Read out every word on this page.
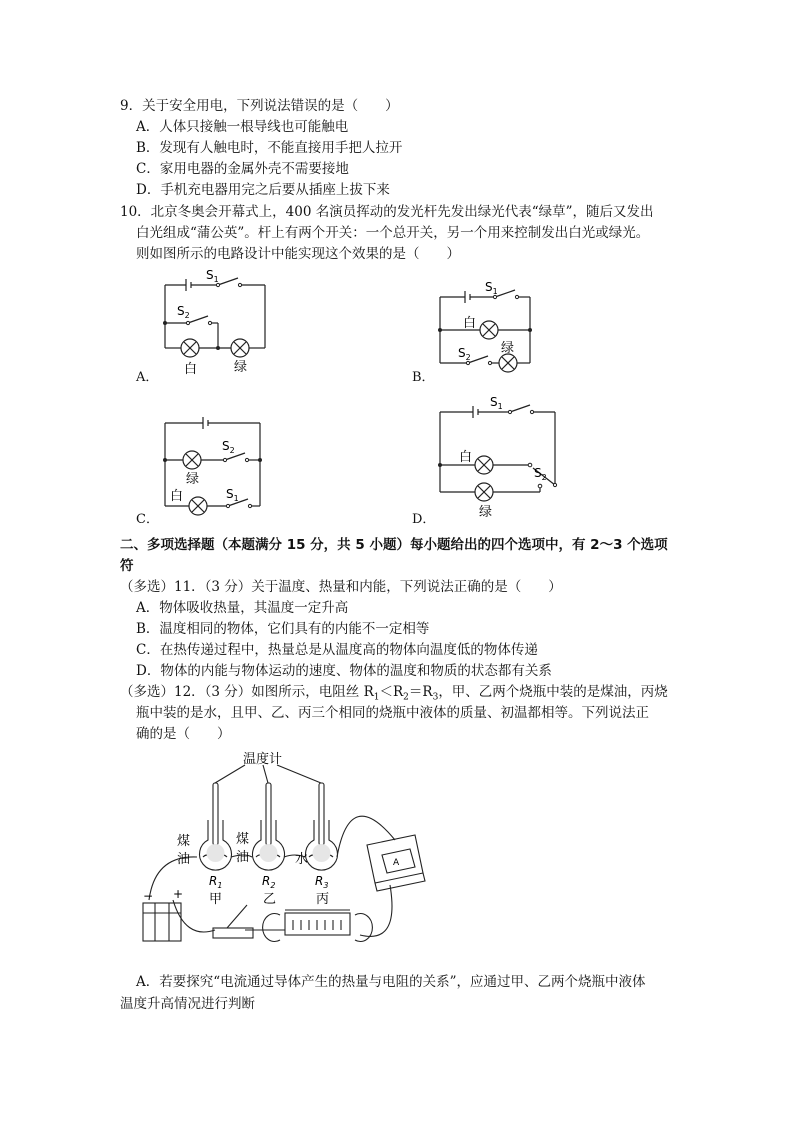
9．关于安全用电，下列说法错误的是（　　）
A．人体只接触一根导线也可能触电
B．发现有人触电时，不能直接用手把人拉开
C．家用电器的金属外壳不需要接地
D．手机充电器用完之后要从插座上拔下来
10．北京冬奥会开幕式上，400 名演员挥动的发光杆先发出绿光代表“绿草”，随后又发出
白光组成“蒲公英”。杆上有两个开关：一个总开关，另一个用来控制发出白光或绿光。
则如图所示的电路设计中能实现这个效果的是（　　）
$S_1$
$S_2$
白	绿
A．
$S_1$
白
绿
$S_2$
B．
$S_2$
绿
白	$S_1$
C．
$S_1$
白
$S_2$
绿
D．
二、多项选择题（本题满分 15 分，共 5 小题）每小题给出的四个选项中，有 2～3 个选项
符
（多选）11．（3 分）关于温度、热量和内能，下列说法正确的是（　　）
A．物体吸收热量，其温度一定升高
B．温度相同的物体，它们具有的内能不一定相等
C．在热传递过程中，热量总是从温度高的物体向温度低的物体传递
D．物体的内能与物体运动的速度、物体的温度和物质的状态都有关系
（多选）12．（3 分）如图所示，电阻丝 $R_1<R_2=R_3$，甲、乙两个烧瓶中装的是煤油，丙烧
瓶中装的是水，且甲、乙、丙三个相同的烧瓶中液体的质量、初温都相等。下列说法正
确的是（　　）
温度计
煤
油
煤
油	水
$R_1$	$R_2$	$R_3$
甲	乙	丙
A
− +
A．若要探究“电流通过导体产生的热量与电阻的关系”，应通过甲、乙两个烧瓶中液体
温度升高情况进行判断
